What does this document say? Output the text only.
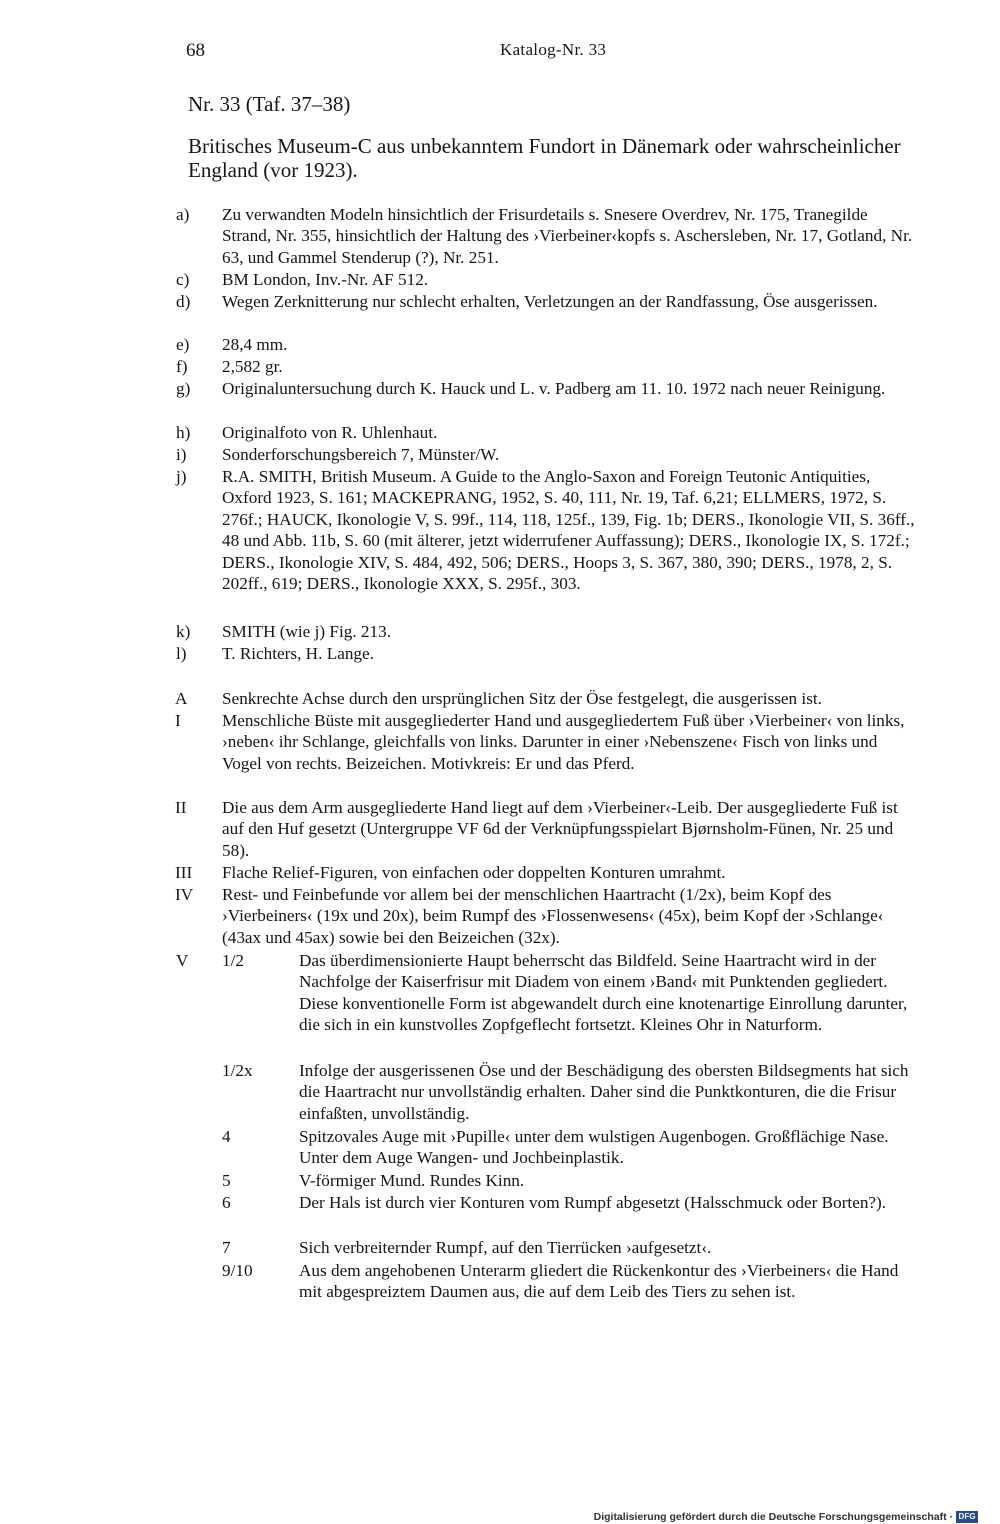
68	Katalog-Nr. 33
Nr. 33 (Taf. 37–38)
Britisches Museum-C aus unbekanntem Fundort in Dänemark oder wahrscheinlicher England (vor 1923).
a) Zu verwandten Modeln hinsichtlich der Frisurdetails s. Snesere Overdrev, Nr. 175, Tranegilde Strand, Nr. 355, hinsichtlich der Haltung des ›Vierbeiner‹kopfs s. Aschersleben, Nr. 17, Gotland, Nr. 63, und Gammel Stenderup (?), Nr. 251.
c) BM London, Inv.-Nr. AF 512.
d) Wegen Zerknitterung nur schlecht erhalten, Verletzungen an der Randfassung, Öse ausgerissen.
e) 28,4 mm.
f) 2,582 gr.
g) Originaluntersuchung durch K. Hauck und L. v. Padberg am 11. 10. 1972 nach neuer Reinigung.
h) Originalfoto von R. Uhlenhaut.
i) Sonderforschungsbereich 7, Münster/W.
j) R.A. SMITH, British Museum. A Guide to the Anglo-Saxon and Foreign Teutonic Antiquities, Oxford 1923, S. 161; MACKEPRANG, 1952, S. 40, 111, Nr. 19, Taf. 6,21; ELLMERS, 1972, S. 276f.; HAUCK, Ikonologie V, S. 99f., 114, 118, 125f., 139, Fig. 1b; DERS., Ikonologie VII, S. 36ff., 48 und Abb. 11b, S. 60 (mit älterer, jetzt widerrufener Auffassung); DERS., Ikonologie IX, S. 172f.; DERS., Ikonologie XIV, S. 484, 492, 506; DERS., Hoops 3, S. 367, 380, 390; DERS., 1978, 2, S. 202ff., 619; DERS., Ikonologie XXX, S. 295f., 303.
k) SMITH (wie j) Fig. 213.
l) T. Richters, H. Lange.
A Senkrechte Achse durch den ursprünglichen Sitz der Öse festgelegt, die ausgerissen ist.
I Menschliche Büste mit ausgegliederter Hand und ausgegliedertem Fuß über ›Vierbeiner‹ von links, ›neben‹ ihr Schlange, gleichfalls von links. Darunter in einer ›Nebenszene‹ Fisch von links und Vogel von rechts. Beizeichen. Motivkreis: Er und das Pferd.
II Die aus dem Arm ausgegliederte Hand liegt auf dem ›Vierbeiner‹-Leib. Der ausgegliederte Fuß ist auf den Huf gesetzt (Untergruppe VF 6d der Verknüpfungsspielart Bjørnsholm-Fünen, Nr. 25 und 58).
III Flache Relief-Figuren, von einfachen oder doppelten Konturen umrahmt.
IV Rest- und Feinbefunde vor allem bei der menschlichen Haartracht (1/2x), beim Kopf des ›Vierbeiners‹ (19x und 20x), beim Rumpf des ›Flossenwesens‹ (45x), beim Kopf der ›Schlange‹ (43ax und 45ax) sowie bei den Beizeichen (32x).
V 1/2	Das überdimensionierte Haupt beherrscht das Bildfeld. Seine Haartracht wird in der Nachfolge der Kaiserfrisur mit Diadem von einem ›Band‹ mit Punktenden gegliedert. Diese konventionelle Form ist abgewandelt durch eine knotenartige Einrollung darunter, die sich in ein kunstvolles Zopfgeflecht fortsetzt. Kleines Ohr in Naturform.
1/2x	Infolge der ausgerissenen Öse und der Beschädigung des obersten Bildsegments hat sich die Haartracht nur unvollständig erhalten. Daher sind die Punktkonturen, die die Frisur einfaßten, unvollständig.
4	Spitzovales Auge mit ›Pupille‹ unter dem wulstigen Augenbogen. Großflächige Nase. Unter dem Auge Wangen- und Jochbeinplastik.
5	V-förmiger Mund. Rundes Kinn.
6	Der Hals ist durch vier Konturen vom Rumpf abgesetzt (Halsschmuck oder Borten?).
7	Sich verbreiternder Rumpf, auf den Tierrücken ›aufgesetzt‹.
9/10	Aus dem angehobenen Unterarm gliedert die Rückenkontur des ›Vierbeiners‹ die Hand mit abgespreiztem Daumen aus, die auf dem Leib des Tiers zu sehen ist.
Digitalisierung gefördert durch die Deutsche Forschungsgemeinschaft · DFG
